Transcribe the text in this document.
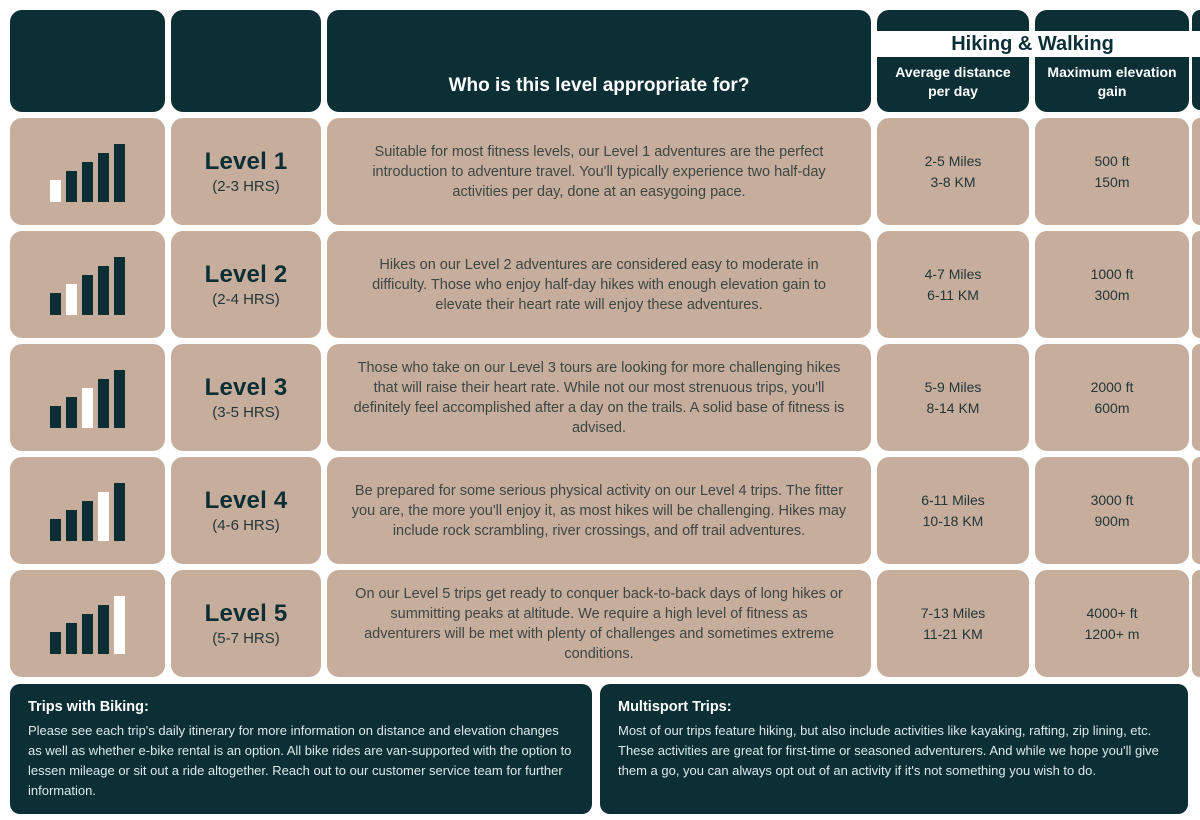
Who is this level appropriate for?
Average distance per day
Maximum elevation gain
Level 1
(2-3 HRS)
Suitable for most fitness levels, our Level 1 adventures are the perfect introduction to adventure travel. You'll typically experience two half-day activities per day, done at an easygoing pace.
2-5 Miles
3-8 KM
500 ft
150m
Level 2
(2-4 HRS)
Hikes on our Level 2 adventures are considered easy to moderate in difficulty. Those who enjoy half-day hikes with enough elevation gain to elevate their heart rate will enjoy these adventures.
4-7 Miles
6-11 KM
1000 ft
300m
Level 3
(3-5 HRS)
Those who take on our Level 3 tours are looking for more challenging hikes that will raise their heart rate. While not our most strenuous trips, you'll definitely feel accomplished after a day on the trails. A solid base of fitness is advised.
5-9 Miles
8-14 KM
2000 ft
600m
Level 4
(4-6 HRS)
Be prepared for some serious physical activity on our Level 4 trips. The fitter you are, the more you'll enjoy it, as most hikes will be challenging. Hikes may include rock scrambling, river crossings, and off trail adventures.
6-11 Miles
10-18 KM
3000 ft
900m
Level 5
(5-7 HRS)
On our Level 5 trips get ready to conquer back-to-back days of long hikes or summitting peaks at altitude. We require a high level of fitness as adventurers will be met with plenty of challenges and sometimes extreme conditions.
7-13 Miles
11-21 KM
4000+ ft
1200+ m
Hiking & Walking
Trips with Biking:
Please see each trip's daily itinerary for more information on distance and elevation changes as well as whether e-bike rental is an option. All bike rides are van-supported with the option to lessen mileage or sit out a ride altogether. Reach out to our customer service team for further information.
Multisport Trips:
Most of our trips feature hiking, but also include activities like kayaking, rafting, zip lining, etc. These activities are great for first-time or seasoned adventurers. And while we hope you'll give them a go, you can always opt out of an activity if it's not something you wish to do.
